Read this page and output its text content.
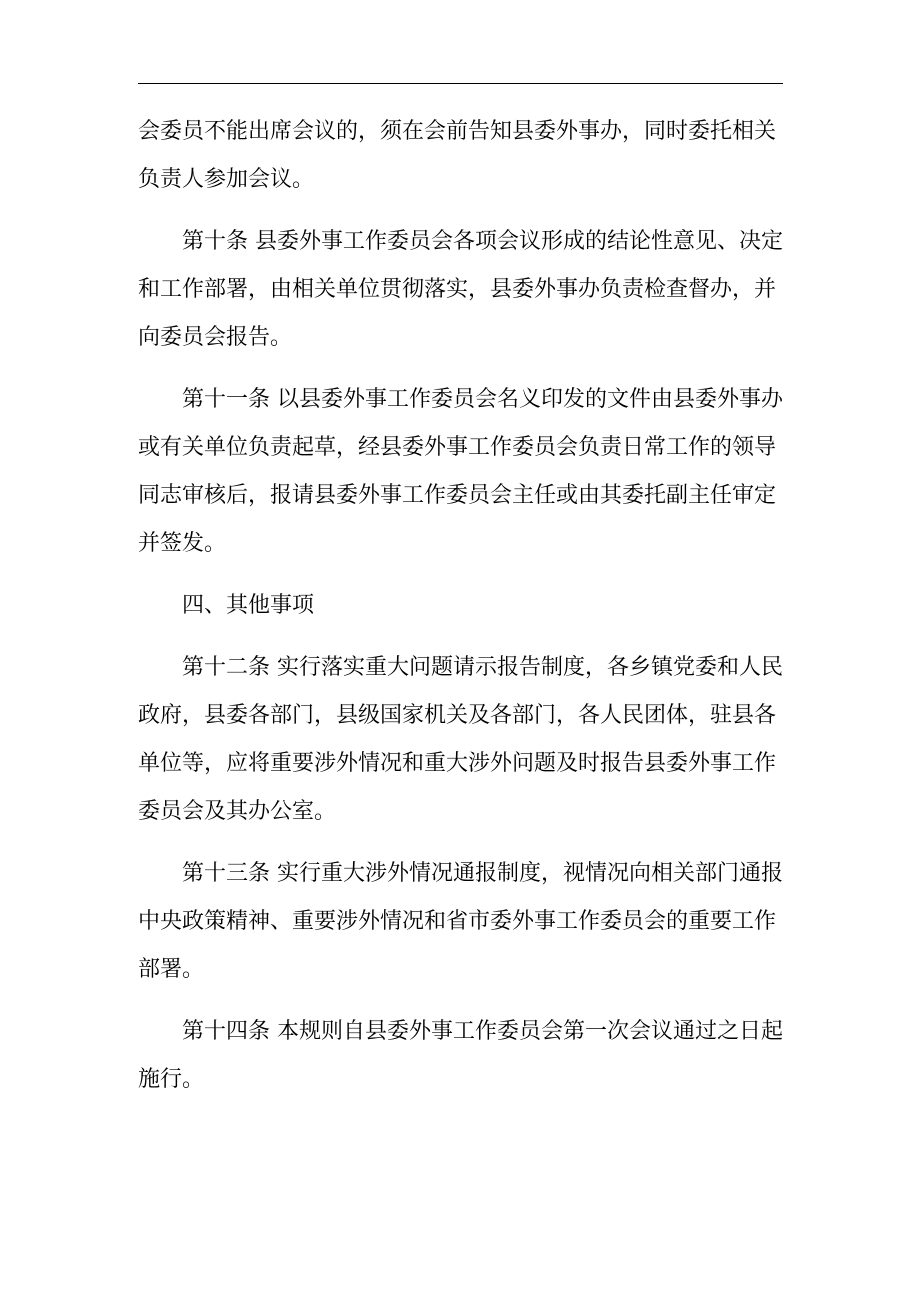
会委员不能出席会议的，须在会前告知县委外事办，同时委托相关
负责人参加会议。

第十条 县委外事工作委员会各项会议形成的结论性意见、决定
和工作部署，由相关单位贯彻落实，县委外事办负责检查督办，并
向委员会报告。

第十一条 以县委外事工作委员会名义印发的文件由县委外事办
或有关单位负责起草，经县委外事工作委员会负责日常工作的领导
同志审核后，报请县委外事工作委员会主任或由其委托副主任审定
并签发。

四、其他事项

第十二条 实行落实重大问题请示报告制度，各乡镇党委和人民
政府，县委各部门，县级国家机关及各部门，各人民团体，驻县各
单位等，应将重要涉外情况和重大涉外问题及时报告县委外事工作
委员会及其办公室。

第十三条 实行重大涉外情况通报制度，视情况向相关部门通报
中央政策精神、重要涉外情况和省市委外事工作委员会的重要工作
部署。

第十四条 本规则自县委外事工作委员会第一次会议通过之日起
施行。
